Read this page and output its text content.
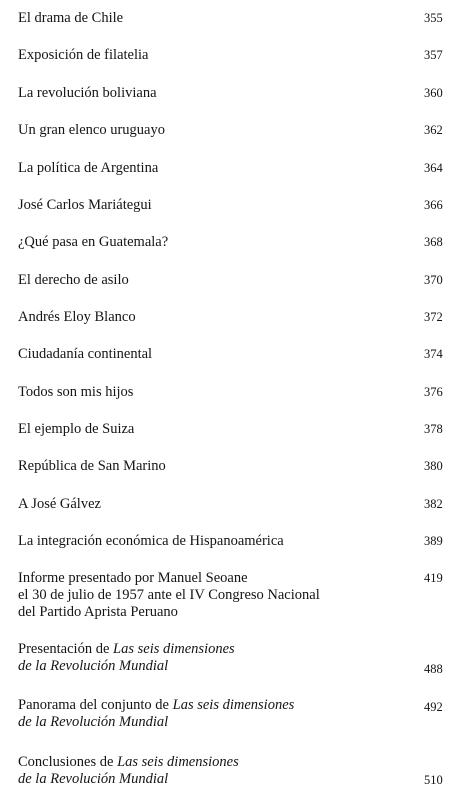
El drama de Chile	355
Exposición de filatelia	357
La revolución boliviana	360
Un gran elenco uruguayo	362
La política de Argentina	364
José Carlos Mariátegui	366
¿Qué pasa en Guatemala?	368
El derecho de asilo	370
Andrés Eloy Blanco	372
Ciudadanía continental	374
Todos son mis hijos	376
El ejemplo de Suiza	378
República de San Marino	380
A José Gálvez	382
La integración económica de Hispanoamérica	389
Informe presentado por Manuel Seoane
el 30 de julio de 1957 ante el IV Congreso Nacional
del Partido Aprista Peruano
419
Presentación de Las seis dimensiones
de la Revolución Mundial	488
Panorama del conjunto de Las seis dimensiones
de la Revolución Mundial
492
Conclusiones de Las seis dimensiones
de la Revolución Mundial	510
